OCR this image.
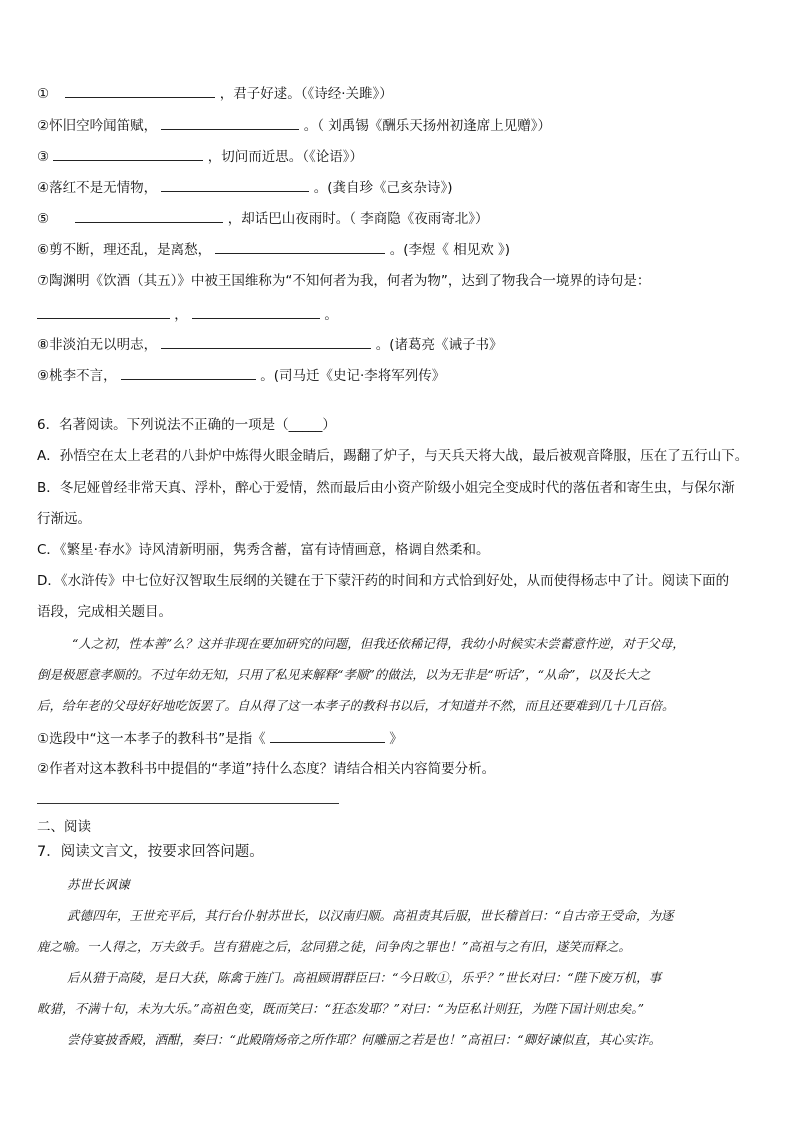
①	，君子好逑。（《诗经·关雎》）
②怀旧空吟闻笛赋，	。（ 刘禹锡《酬乐天扬州初逢席上见赠》）
③	，切问而近思。（《论语》）
④落红不是无情物，	。(龚自珍《己亥杂诗》)
⑤	，却话巴山夜雨时。（ 李商隐《夜雨寄北》）
⑥剪不断，理还乱，是离愁，	。(李煜《 相见欢 》)
⑦陶渊明《饮酒（其五）》中被王国维称为“不知何者为我，何者为物”，达到了物我合一境界的诗句是：
，	。
⑧非淡泊无以明志，	。(诸葛亮《诫子书》
⑨桃李不言，	。(司马迁《史记·李将军列传》
6．名著阅读。下列说法不正确的一项是（_____）
A．孙悟空在太上老君的八卦炉中炼得火眼金睛后，踢翻了炉子，与天兵天将大战，最后被观音降服，压在了五行山下。
B．冬尼娅曾经非常天真、浮朴，醉心于爱情，然而最后由小资产阶级小姐完全变成时代的落伍者和寄生虫，与保尔渐
行渐远。
C．《繁星·春水》诗风清新明丽，隽秀含蓄，富有诗情画意，格调自然柔和。
D．《水浒传》中七位好汉智取生辰纲的关键在于下蒙汗药的时间和方式恰到好处，从而使得杨志中了计。阅读下面的
语段，完成相关题目。
“人之初，性本善”么？这并非现在要加研究的问题，但我还依稀记得，我幼小时候实未尝蓄意忤逆，对于父母，
倒是极愿意孝顺的。不过年幼无知，只用了私见来解释“孝顺”的做法，以为无非是“听话”，“从命”，以及长大之
后，给年老的父母好好地吃饭罢了。自从得了这一本孝子的教科书以后，才知道并不然，而且还要难到几十几百倍。
①选段中“这一本孝子的教科书”是指《	》
②作者对这本教科书中提倡的“孝道”持什么态度？请结合相关内容简要分析。
二、阅读
7．阅读文言文，按要求回答问题。
苏世长讽谏
武德四年，王世充平后，其行台仆射苏世长，以汉南归顺。高祖责其后服，世长稽首曰：“自古帝王受命，为逐
鹿之喻。一人得之，万夫敛手。岂有猎鹿之后，忿同猎之徒，问争肉之罪也！”高祖与之有旧，遂笑而释之。
后从猎于高陵，是日大获，陈禽于旌门。高祖顾谓群臣曰：“今日畋①，乐乎？”世长对曰：“陛下废万机，事
畋猎，不满十旬，未为大乐。”高祖色变，既而笑曰：“狂态发耶？”对曰：“为臣私计则狂，为陛下国计则忠矣。”
尝侍宴披香殿，酒酣，奏曰：“此殿隋炀帝之所作耶？何雕丽之若是也！”高祖曰：“卿好谏似直，其心实诈。
